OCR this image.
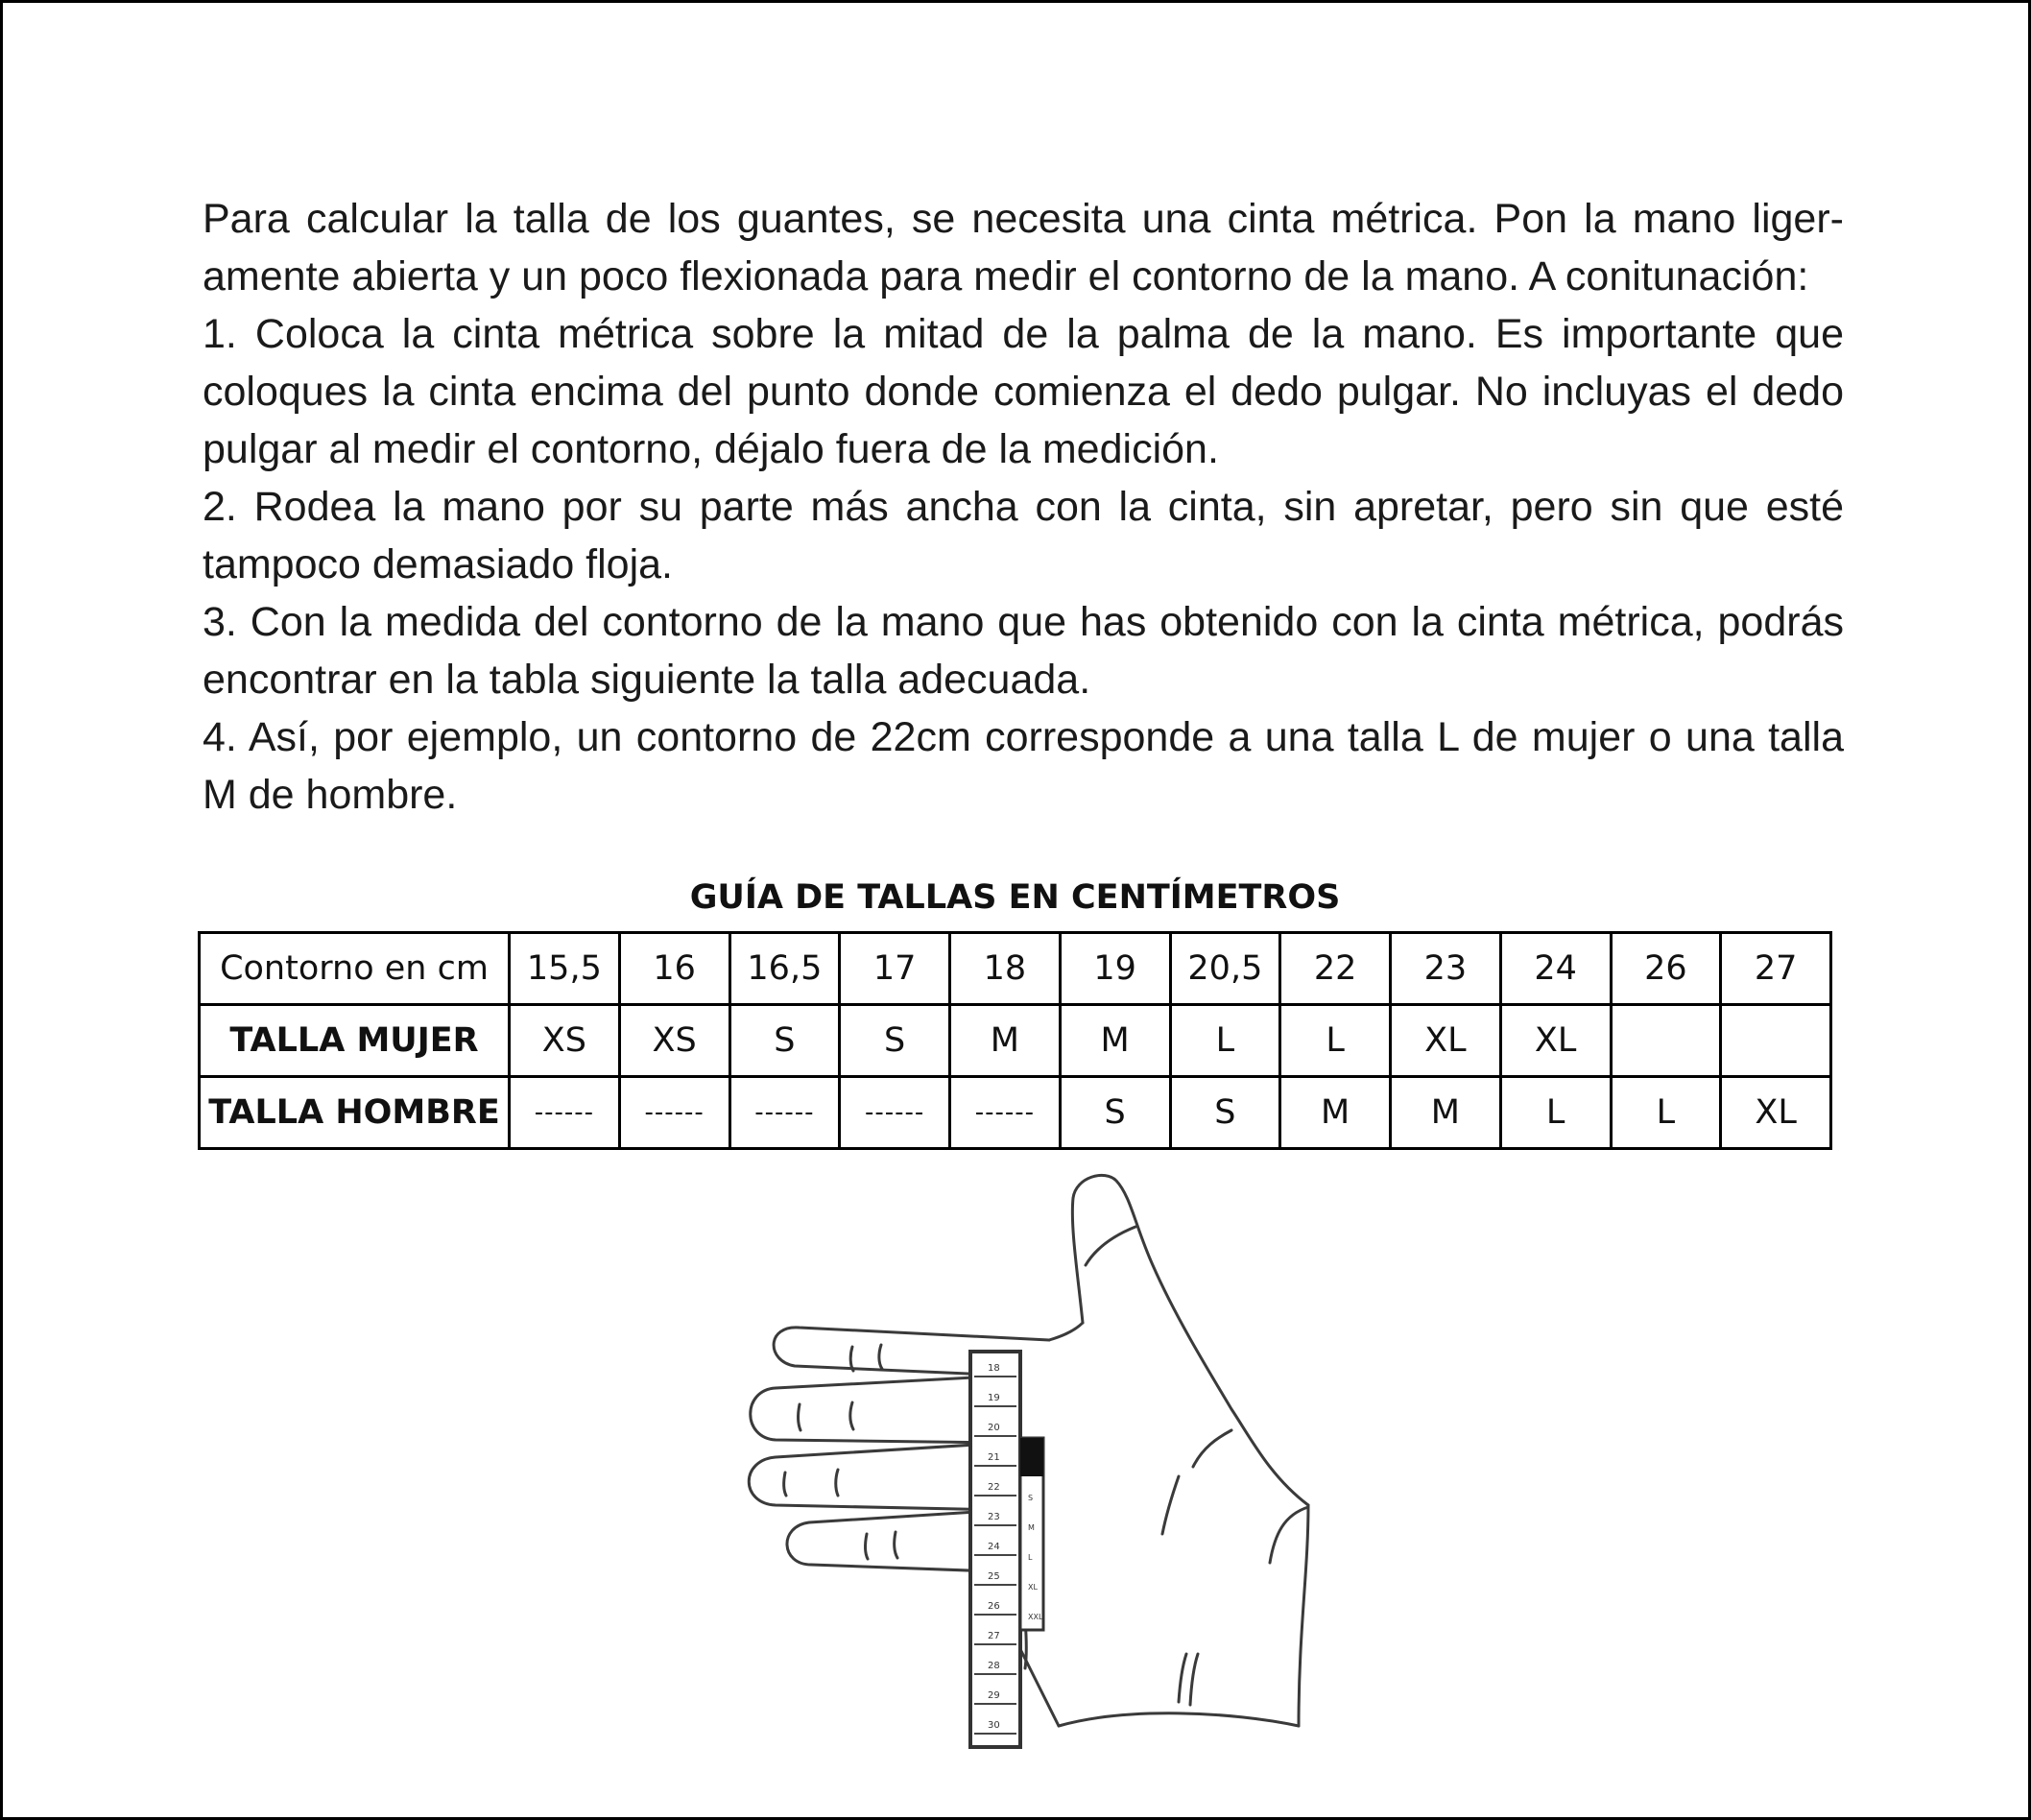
Para calcular la talla de los guantes, se necesita una cinta métrica. Pon la mano liger-amente abierta y un poco flexionada para medir el contorno de la mano. A conitunación:

1. Coloca la cinta métrica sobre la mitad de la palma de la mano. Es importante que coloques la cinta encima del punto donde comienza el dedo pulgar. No incluyas el dedo pulgar al medir el contorno, déjalo fuera de la medición.

2. Rodea la mano por su parte más ancha con la cinta, sin apretar, pero sin que esté tampoco demasiado floja.

3. Con la medida del contorno de la mano que has obtenido con la cinta métrica, podrás encontrar en la tabla siguiente la talla adecuada.

4. Así, por ejemplo, un contorno de 22cm corresponde a una talla L de mujer o una talla M de hombre.

GUÍA DE TALLAS EN CENTÍMETROS
Contorno en cm	15,5	16	16,5	17	18	19	20,5	22	23	24	26	27
TALLA MUJER	XS	XS	S	S	M	M	L	L	XL	XL		
TALLA HOMBRE	------	------	------	------	------	S	S	M	M	L	L	XL
18
19
20
21
22
23
24
25
26
27
28
29
30
S
M
L
XL
XXL
